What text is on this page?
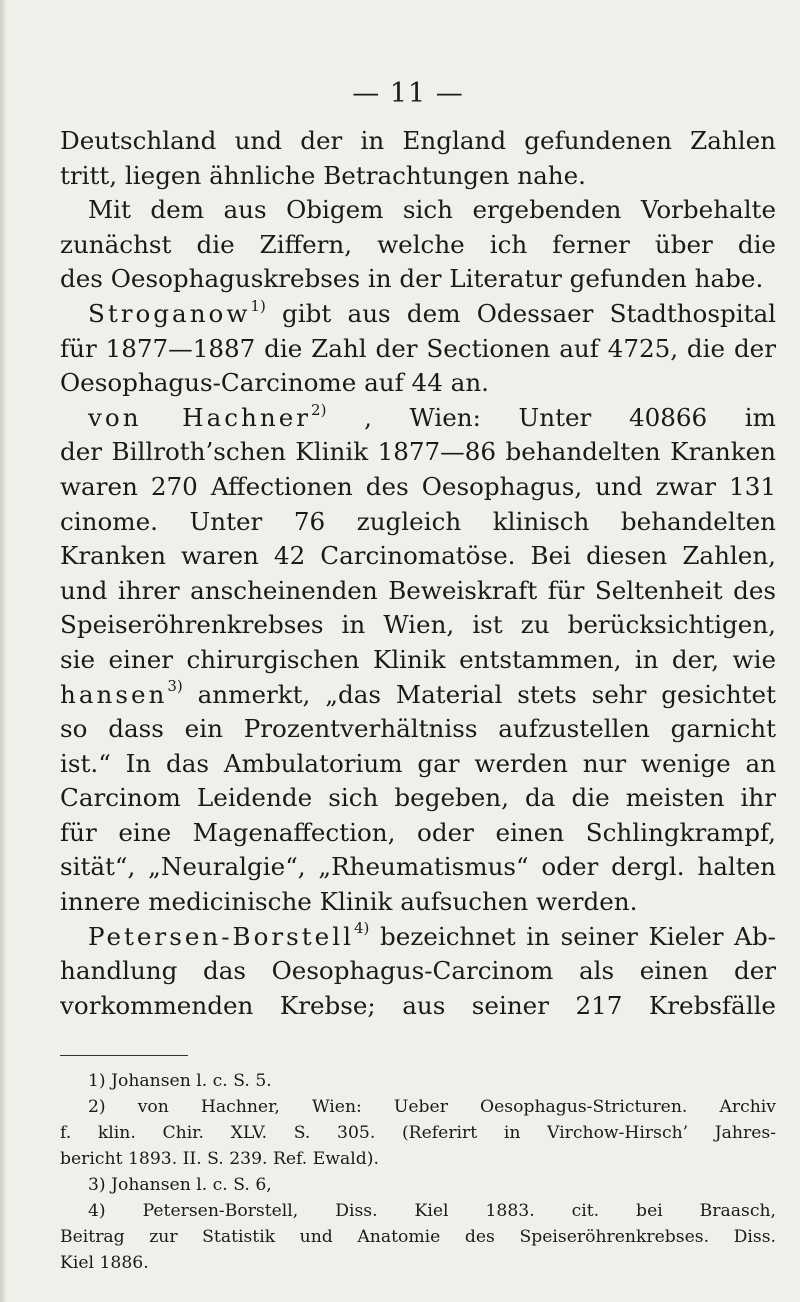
— 11 —
Deutschland und der in England gefundenen Zahlen
tritt, liegen ähnliche Betrachtungen nahe.
Mit dem aus Obigem sich ergebenden Vorbehalte
zunächst die Ziffern, welche ich ferner über die
des Oesophaguskrebses in der Literatur gefunden habe.
Stroganow$^{1)}$ gibt aus dem Odessaer Stadthospital
für 1877—1887 die Zahl der Sectionen auf 4725, die der
Oesophagus-Carcinome auf 44 an.
von Hachner$^{2)}$ , Wien: Unter 40866 im
der Billroth’schen Klinik 1877—86 behandelten Kranken
waren 270 Affectionen des Oesophagus, und zwar 131
cinome. Unter 76 zugleich klinisch behandelten
Kranken waren 42 Carcinomatöse. Bei diesen Zahlen,
und ihrer anscheinenden Beweiskraft für Seltenheit des
Speiseröhrenkrebses in Wien, ist zu berücksichtigen,
sie einer chirurgischen Klinik entstammen, in der, wie
hansen$^{3)}$ anmerkt, „das Material stets sehr gesichtet
so dass ein Prozentverhältniss aufzustellen garnicht
ist.“ In das Ambulatorium gar werden nur wenige an
Carcinom Leidende sich begeben, da die meisten ihr
für eine Magenaffection, oder einen Schlingkrampf,
sität“, „Neuralgie“, „Rheumatismus“ oder dergl. halten
innere medicinische Klinik aufsuchen werden.
Petersen-Borstell$^{4)}$ bezeichnet in seiner Kieler Ab-
handlung das Oesophagus-Carcinom als einen der
vorkommenden Krebse; aus seiner 217 Krebsfälle
1) Johansen l. c. S. 5.
2) von Hachner, Wien: Ueber Oesophagus-Stricturen. Archiv
f. klin. Chir. XLV. S. 305. (Referirt in Virchow-Hirsch’ Jahres-
bericht 1893. II. S. 239. Ref. Ewald).
3) Johansen l. c. S. 6,
4) Petersen-Borstell, Diss. Kiel 1883. cit. bei Braasch,
Beitrag zur Statistik und Anatomie des Speiseröhrenkrebses. Diss.
Kiel 1886.
